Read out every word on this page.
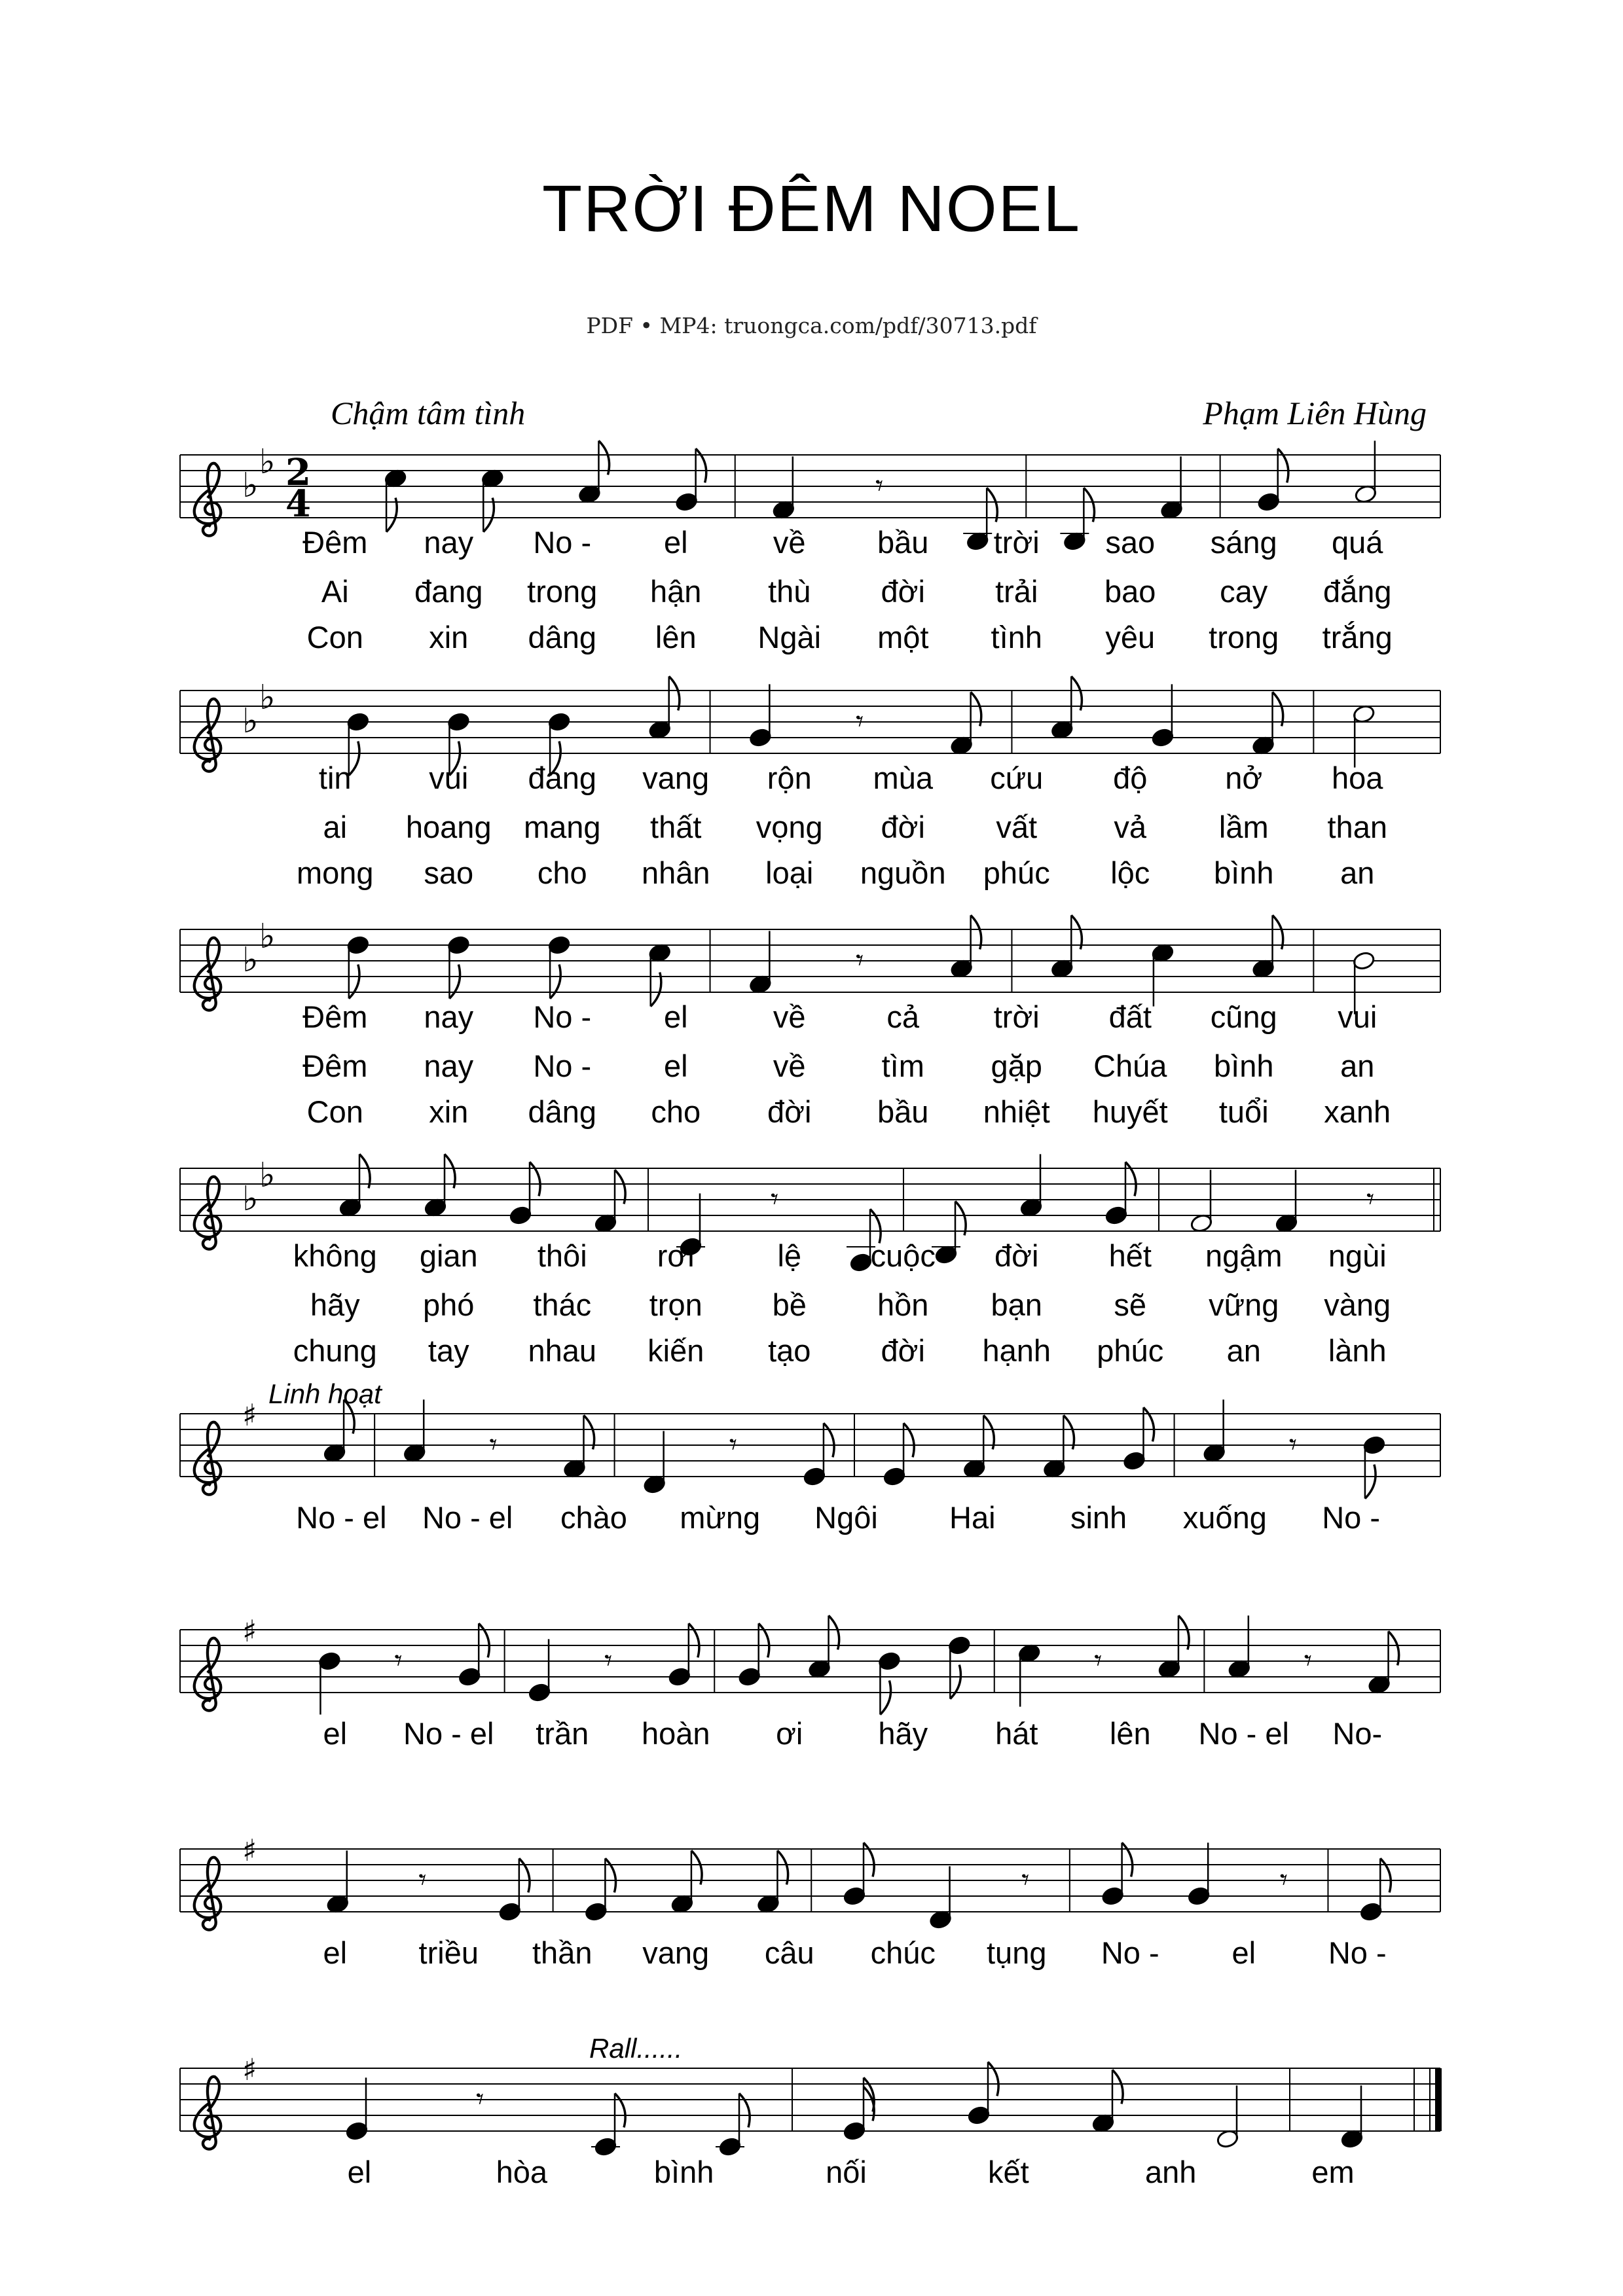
TRỜI ĐÊM NOEL
PDF • MP4: truongca.com/pdf/30713.pdf
Chậm tâm tình	Phạm Liên Hùng
♭
♭ 2
4	𝄾
Đêm nay No - el	về bầu trời sao sáng quá
Ai đang trong hận thù đời trải bao cay đắng
Con xin dâng lên Ngài một tình yêu trong trắng
♭
♭
𝄾
tin	vui đang vang rộn mùa cứu độ	nở hoa
ai hoang mang thất vọng đời vất vả lầm than
mong sao cho nhân loại nguồn phúc lộc bình an
♭
♭
𝄾
Đêm nay No - el	về	cả trời đất cũng vui
Đêm nay No - el	về tìm gặp Chúa bình an
Con xin dâng cho đời bầu nhiệt huyết tuổi xanh
♭
♭
𝄾	𝄾
không gian thôi rơi	lệ cuộc đời hết ngậm ngùi
hãy phó thác trọn bề hồn bạn sẽ vững vàng
chung tay nhau kiến tạo đời hạnh phúc an lành
♯
Linh hoạt
𝄾	𝄾	𝄾
No - el No - el chào mừng Ngôi Hai sinh xuống No -
♯
𝄾	𝄾	𝄾	𝄾
el No - el trần hoàn ơi hãy hát lên No - el No-
♯
𝄾	𝄾	𝄾
el triều thần vang câu chúc tụng No - el No -
♯
Rall......
𝄾
el	hòa	bình	nối	kết	anh	em
